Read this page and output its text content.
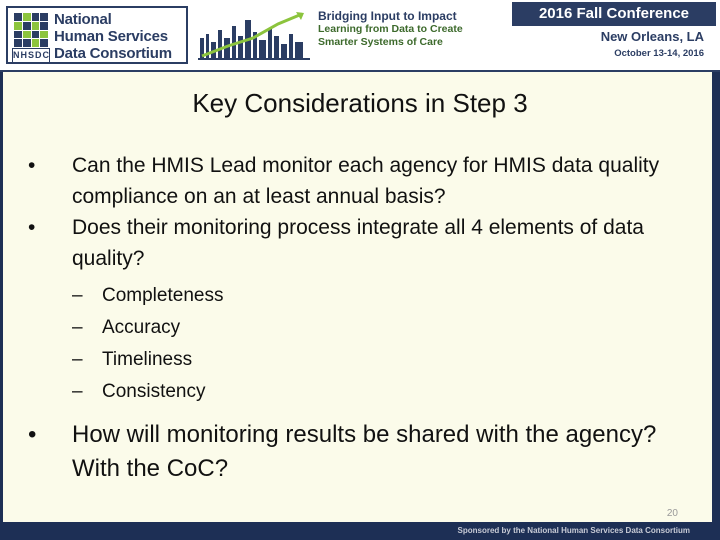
NHSDC
National
Human Services
Data Consortium
Bridging Input to Impact
Learning from Data to Create
Smarter Systems of Care
2016 Fall Conference
New Orleans, LA
October 13-14, 2016
Key Considerations in Step 3
• Can the HMIS Lead monitor each agency for HMIS data quality compliance on an at least annual basis?
• Does their monitoring process integrate all 4 elements of data quality?
– Completeness
– Accuracy
– Timeliness
– Consistency
• How will monitoring results be shared with the agency? With the CoC?
20
Sponsored by the National Human Services Data Consortium
